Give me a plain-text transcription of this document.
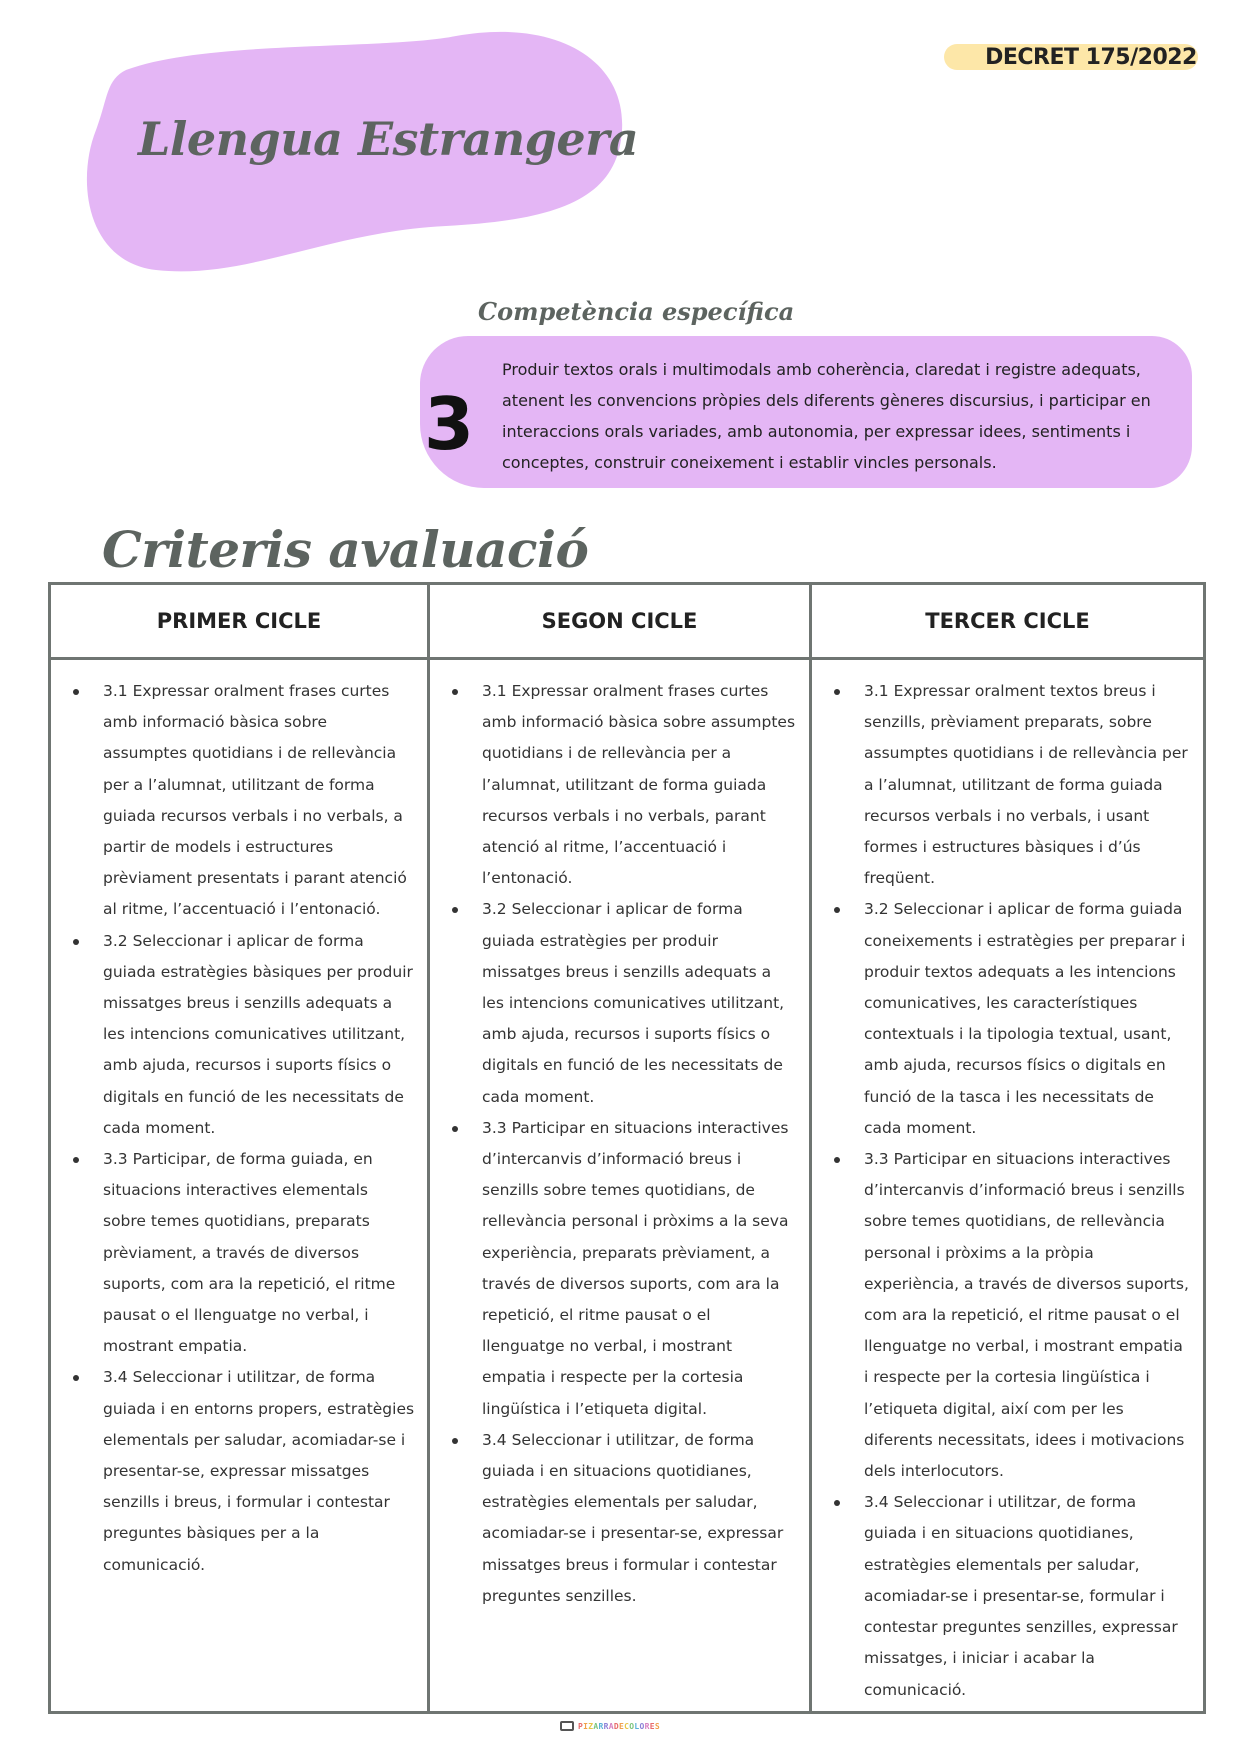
DECRET 175/2022
Llengua Estrangera
Competència específica
3

Produir textos orals i multimodals amb coherència, claredat i registre adequats, atenent les convencions pròpies dels diferents gèneres discursius, i participar en interaccions orals variades, amb autonomia, per expressar idees, sentiments i conceptes, construir coneixement i establir vincles personals.

Criteris avaluació
PRIMER CICLE	SEGON CICLE	TERCER CICLE
3.1 Expressar oralment frases curtes amb informació bàsica sobre assumptes quotidians i de rellevància per a l’alumnat, utilitzant de forma guiada recursos verbals i no verbals, a partir de models i estructures prèviament presentats i parant atenció al ritme, l’accentuació i l’entonació.
3.2 Seleccionar i aplicar de forma guiada estratègies bàsiques per produir missatges breus i senzills adequats a les intencions comunicatives utilitzant, amb ajuda, recursos i suports físics o digitals en funció de les necessitats de cada moment.
3.3 Participar, de forma guiada, en situacions interactives elementals sobre temes quotidians, preparats prèviament, a través de diversos suports, com ara la repetició, el ritme pausat o el llenguatge no verbal, i mostrant empatia.
3.4 Seleccionar i utilitzar, de forma guiada i en entorns propers, estratègies elementals per saludar, acomiadar-se i presentar-se, expressar missatges senzills i breus, i formular i contestar preguntes bàsiques per a la comunicació.
3.1 Expressar oralment frases curtes amb informació bàsica sobre assumptes quotidians i de rellevància per a l’alumnat, utilitzant de forma guiada recursos verbals i no verbals, parant atenció al ritme, l’accentuació i l’entonació.
3.2 Seleccionar i aplicar de forma guiada estratègies per produir missatges breus i senzills adequats a les intencions comunicatives utilitzant, amb ajuda, recursos i suports físics o digitals en funció de les necessitats de cada moment.
3.3 Participar en situacions interactives d’intercanvis d’informació breus i senzills sobre temes quotidians, de rellevància personal i pròxims a la seva experiència, preparats prèviament, a través de diversos suports, com ara la repetició, el ritme pausat o el llenguatge no verbal, i mostrant empatia i respecte per la cortesia lingüística i l’etiqueta digital.
3.4 Seleccionar i utilitzar, de forma guiada i en situacions quotidianes, estratègies elementals per saludar, acomiadar-se i presentar-se, expressar missatges breus i formular i contestar preguntes senzilles.
3.1 Expressar oralment textos breus i senzills, prèviament preparats, sobre assumptes quotidians i de rellevància per a l’alumnat, utilitzant de forma guiada recursos verbals i no verbals, i usant formes i estructures bàsiques i d’ús freqüent.
3.2 Seleccionar i aplicar de forma guiada coneixements i estratègies per preparar i produir textos adequats a les intencions comunicatives, les característiques contextuals i la tipologia textual, usant, amb ajuda, recursos físics o digitals en funció de la tasca i les necessitats de cada moment.
3.3 Participar en situacions interactives d’intercanvis d’informació breus i senzills sobre temes quotidians, de rellevància personal i pròxims a la pròpia experiència, a través de diversos suports, com ara la repetició, el ritme pausat o el llenguatge no verbal, i mostrant empatia i respecte per la cortesia lingüística i l’etiqueta digital, així com per les diferents necessitats, idees i motivacions dels interlocutors.
3.4 Seleccionar i utilitzar, de forma guiada i en situacions quotidianes, estratègies elementals per saludar, acomiadar-se i presentar-se, formular i contestar preguntes senzilles, expressar missatges, i iniciar i acabar la comunicació.
PIZARRADECOLORES
